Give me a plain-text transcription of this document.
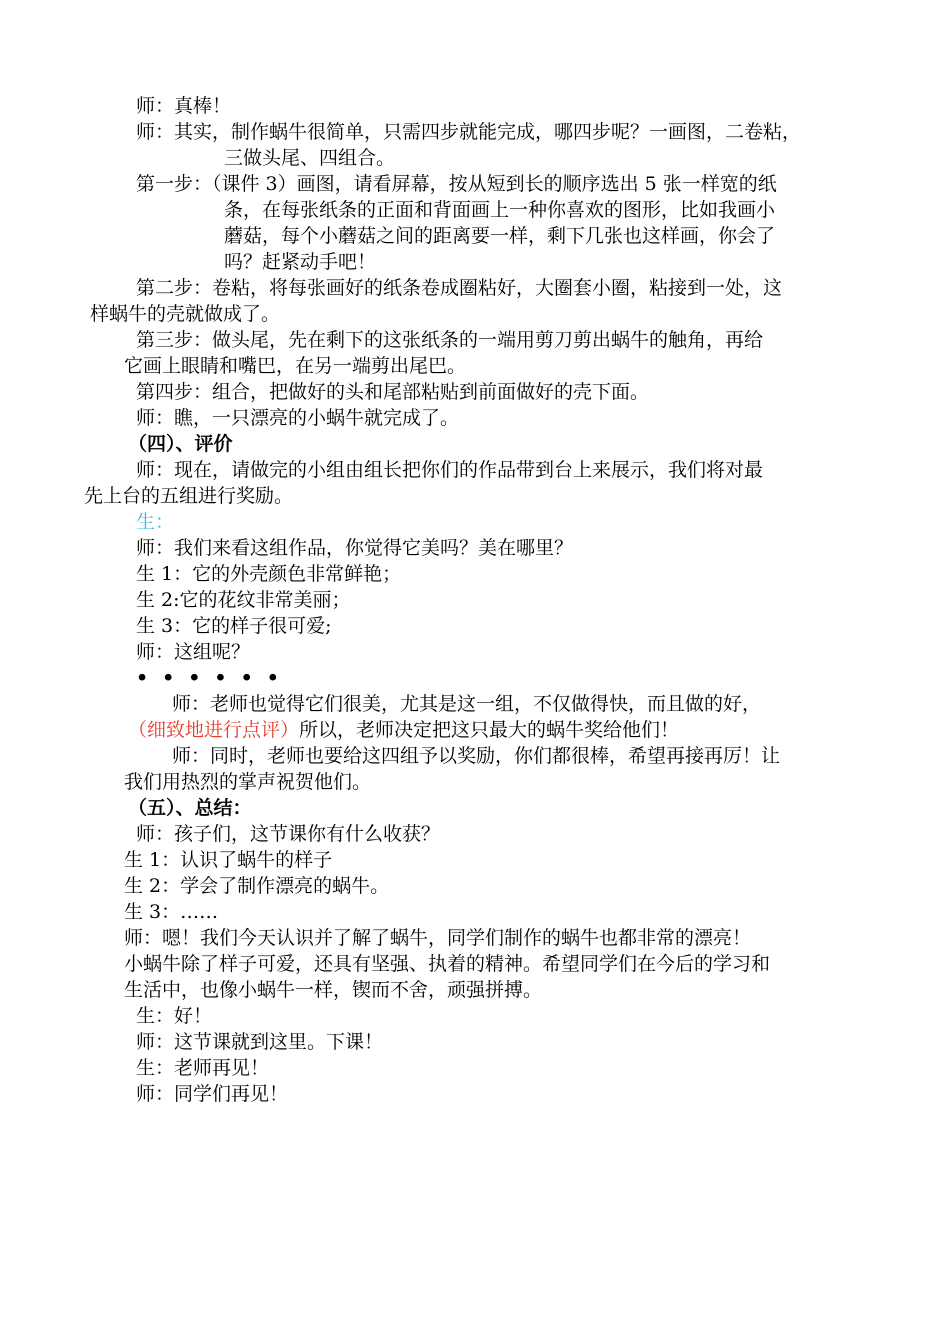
师：真棒！

师：其实，制作蜗牛很简单，只需四步就能完成，哪四步呢？一画图，二卷粘，

三做头尾、四组合。

第一步：（课件 3）画图，请看屏幕，按从短到长的顺序选出 5 张一样宽的纸

条，在每张纸条的正面和背面画上一种你喜欢的图形，比如我画小

蘑菇，每个小蘑菇之间的距离要一样，剩下几张也这样画，你会了

吗？赶紧动手吧！

第二步：卷粘，将每张画好的纸条卷成圈粘好，大圈套小圈，粘接到一处，这

样蜗牛的壳就做成了。

第三步：做头尾，先在剩下的这张纸条的一端用剪刀剪出蜗牛的触角，再给

它画上眼睛和嘴巴，在另一端剪出尾巴。

第四步：组合，把做好的头和尾部粘贴到前面做好的壳下面。

师：瞧，一只漂亮的小蜗牛就完成了。

（四）、评价

师：现在，请做完的小组由组长把你们的作品带到台上来展示，我们将对最

先上台的五组进行奖励。

生：

师：我们来看这组作品，你觉得它美吗？美在哪里？

生 1：它的外壳颜色非常鲜艳；

生 2:它的花纹非常美丽；

生 3：它的样子很可爱;

师：这组呢？

••••••

师：老师也觉得它们很美，尤其是这一组，不仅做得快，而且做的好，

（细致地进行点评）所以，老师决定把这只最大的蜗牛奖给他们！

师：同时，老师也要给这四组予以奖励，你们都很棒，希望再接再厉！让

我们用热烈的掌声祝贺他们。

（五）、总结：

师：孩子们，这节课你有什么收获？

生 1：认识了蜗牛的样子

生 2：学会了制作漂亮的蜗牛。

生 3：……

师：嗯！我们今天认识并了解了蜗牛，同学们制作的蜗牛也都非常的漂亮！

小蜗牛除了样子可爱，还具有坚强、执着的精神。希望同学们在今后的学习和

生活中，也像小蜗牛一样，锲而不舍，顽强拼搏。

生：好！

师：这节课就到这里。下课！

生：老师再见！

师：同学们再见！
